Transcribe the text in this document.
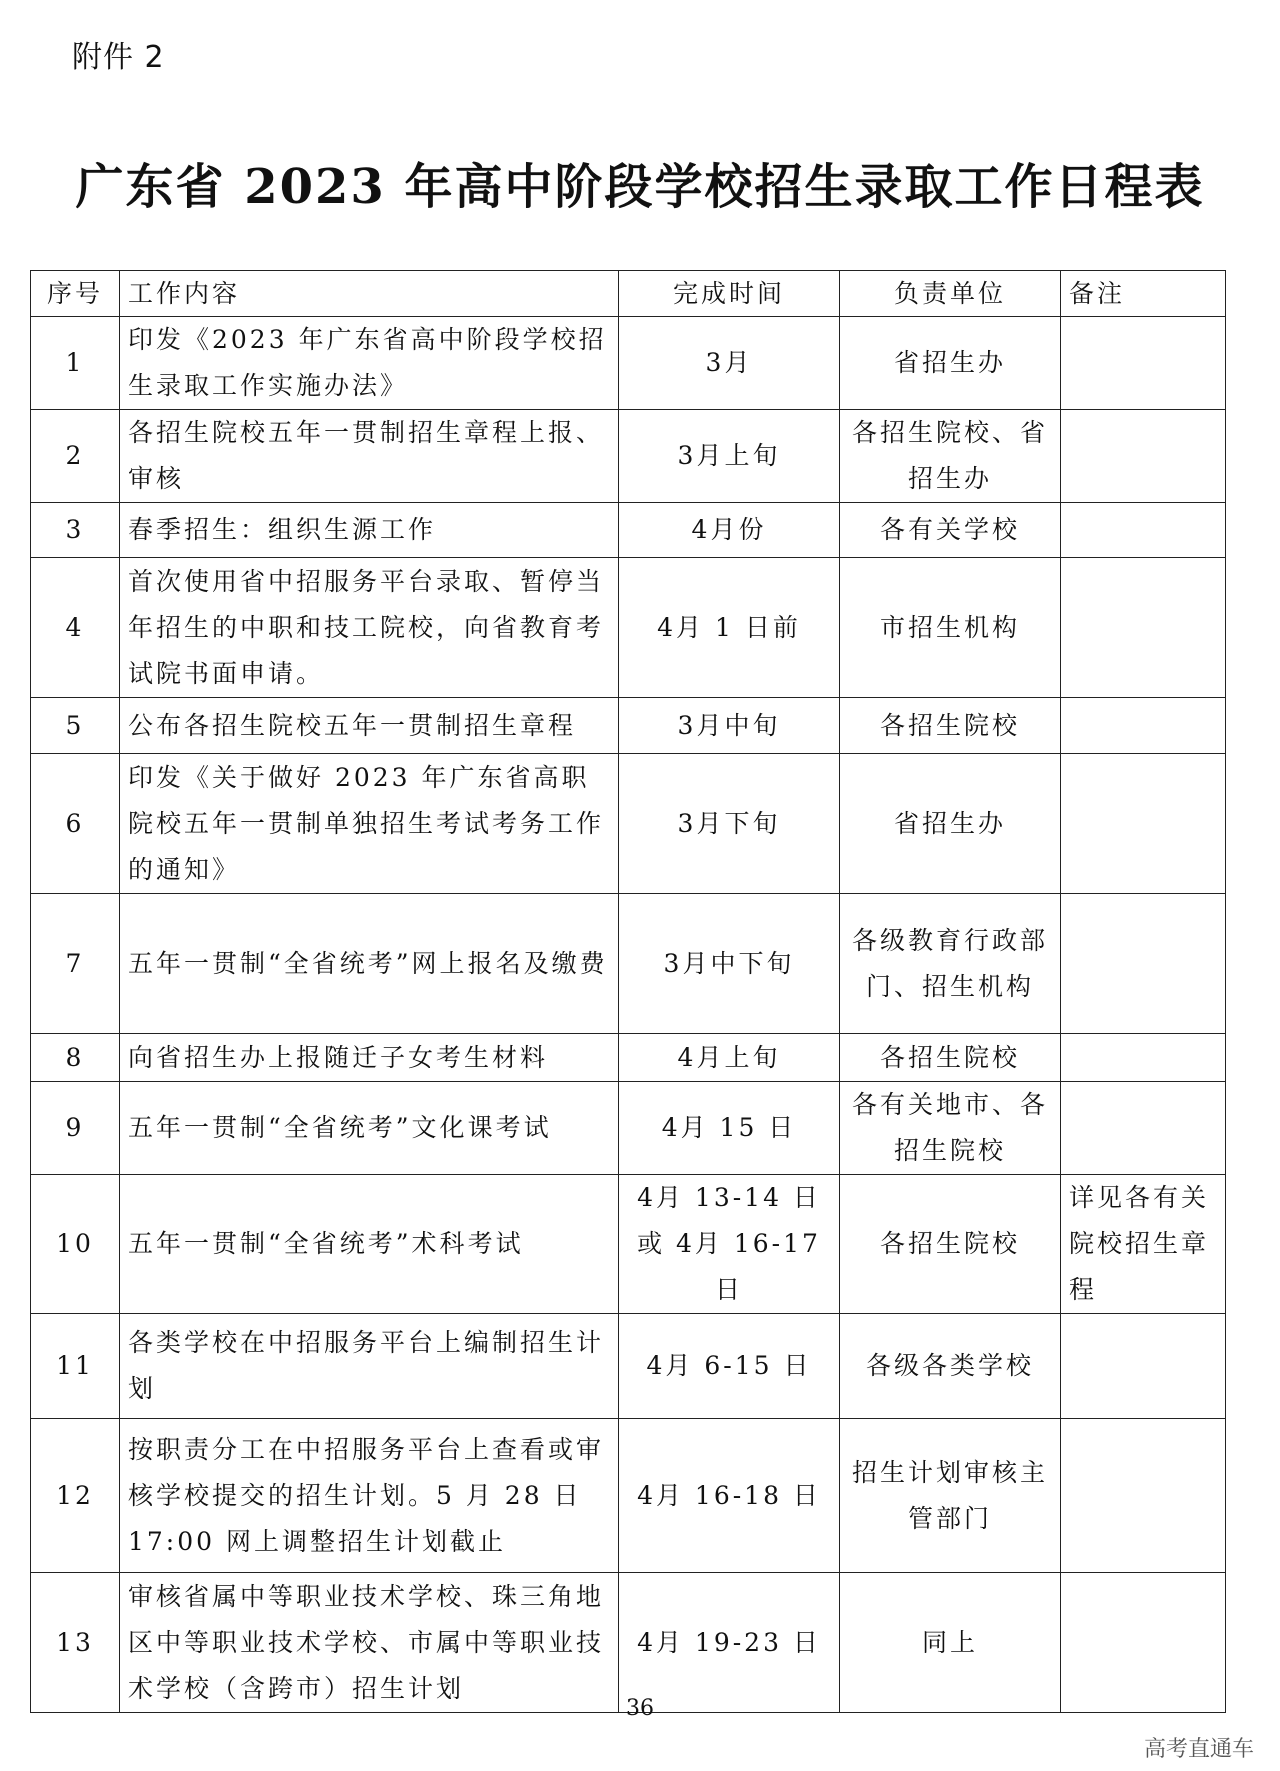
附件 2
广东省 2023 年高中阶段学校招生录取工作日程表
序号	工作内容	完成时间	负责单位	备注
1	印发《2023 年广东省高中阶段学校招生录取工作实施办法》	3月	省招生办	
2	各招生院校五年一贯制招生章程上报、审核	3月上旬	各招生院校、省招生办	
3	春季招生：组织生源工作	4月份	各有关学校	
4	首次使用省中招服务平台录取、暂停当年招生的中职和技工院校，向省教育考试院书面申请。	4月 1 日前	市招生机构	
5	公布各招生院校五年一贯制招生章程	3月中旬	各招生院校	
6	印发《关于做好 2023 年广东省高职院校五年一贯制单独招生考试考务工作的通知》	3月下旬	省招生办	
7	五年一贯制“全省统考”网上报名及缴费	3月中下旬	各级教育行政部门、招生机构	
8	向省招生办上报随迁子女考生材料	4月上旬	各招生院校	
9	五年一贯制“全省统考”文化课考试	4月 15 日	各有关地市、各招生院校	
10	五年一贯制“全省统考”术科考试	4月 13-14 日或 4月 16-17 日	各招生院校	详见各有关院校招生章程
11	各类学校在中招服务平台上编制招生计划	4月 6-15 日	各级各类学校	
12	按职责分工在中招服务平台上查看或审核学校提交的招生计划。5 月 28 日 17:00 网上调整招生计划截止	4月 16-18 日	招生计划审核主管部门	
13	审核省属中等职业技术学校、珠三角地区中等职业技术学校、市属中等职业技术学校（含跨市）招生计划	4月 19-23 日	同上	
36
高考直通车
